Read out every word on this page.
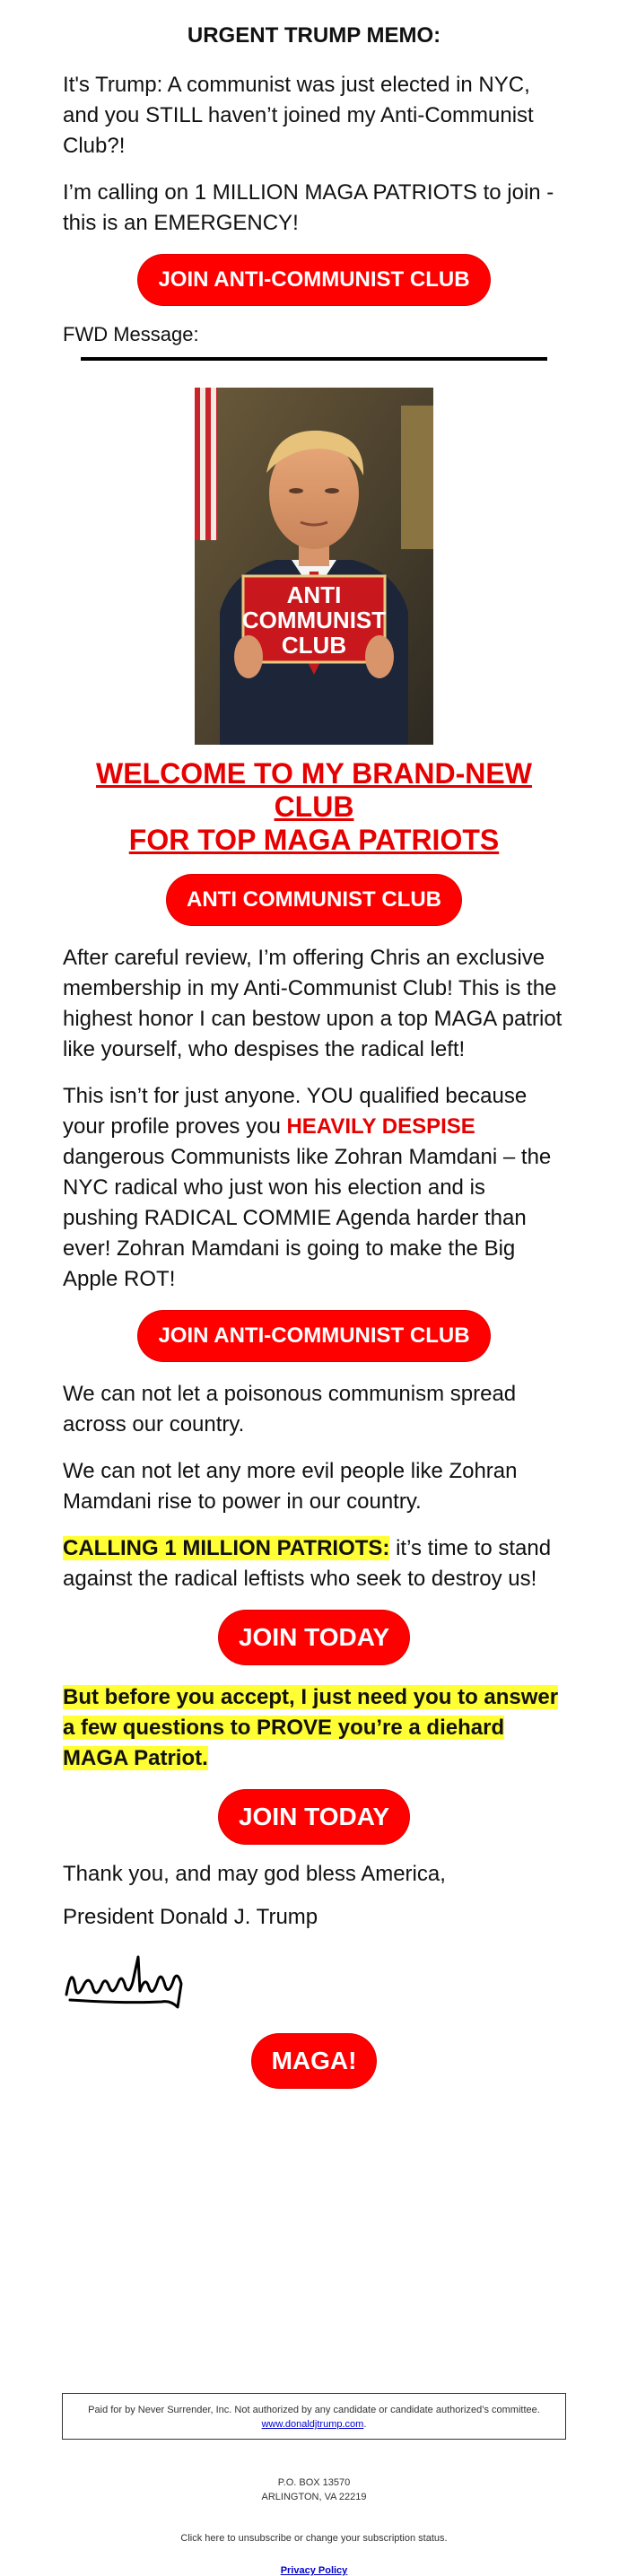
URGENT TRUMP MEMO:

It's Trump: A communist was just elected in NYC, and you STILL haven’t joined my Anti-Communist Club?!

I’m calling on 1 MILLION MAGA PATRIOTS to join - this is an EMERGENCY!

JOIN ANTI-COMMUNIST CLUB
FWD Message:
ANTI
COMMUNIST
CLUB
WELCOME TO MY BRAND-NEW CLUB
FOR TOP MAGA PATRIOTS
ANTI COMMUNIST CLUB

After careful review, I’m offering Chris an exclusive membership in my Anti-Communist Club! This is the highest honor I can bestow upon a top MAGA patriot like yourself, who despises the radical left!

This isn’t for just anyone. YOU qualified because your profile proves you HEAVILY DESPISE dangerous Communists like Zohran Mamdani – the NYC radical who just won his election and is pushing RADICAL COMMIE Agenda harder than ever! Zohran Mamdani is going to make the Big Apple ROT!

JOIN ANTI-COMMUNIST CLUB

We can not let a poisonous communism spread across our country.

We can not let any more evil people like Zohran Mamdani rise to power in our country.

CALLING 1 MILLION PATRIOTS: it’s time to stand against the radical leftists who seek to destroy us!

JOIN TODAY

But before you accept, I just need you to answer a few questions to PROVE you’re a diehard MAGA Patriot.

JOIN TODAY

Thank you, and may god bless America,

President Donald J. Trump

MAGA!
Paid for by Never Surrender, Inc. Not authorized by any candidate or candidate authorized’s committee.
www.donaldjtrump.com.
P.O. BOX 13570
ARLINGTON, VA 22219
Click here to unsubscribe or change your subscription status.
Privacy Policy
